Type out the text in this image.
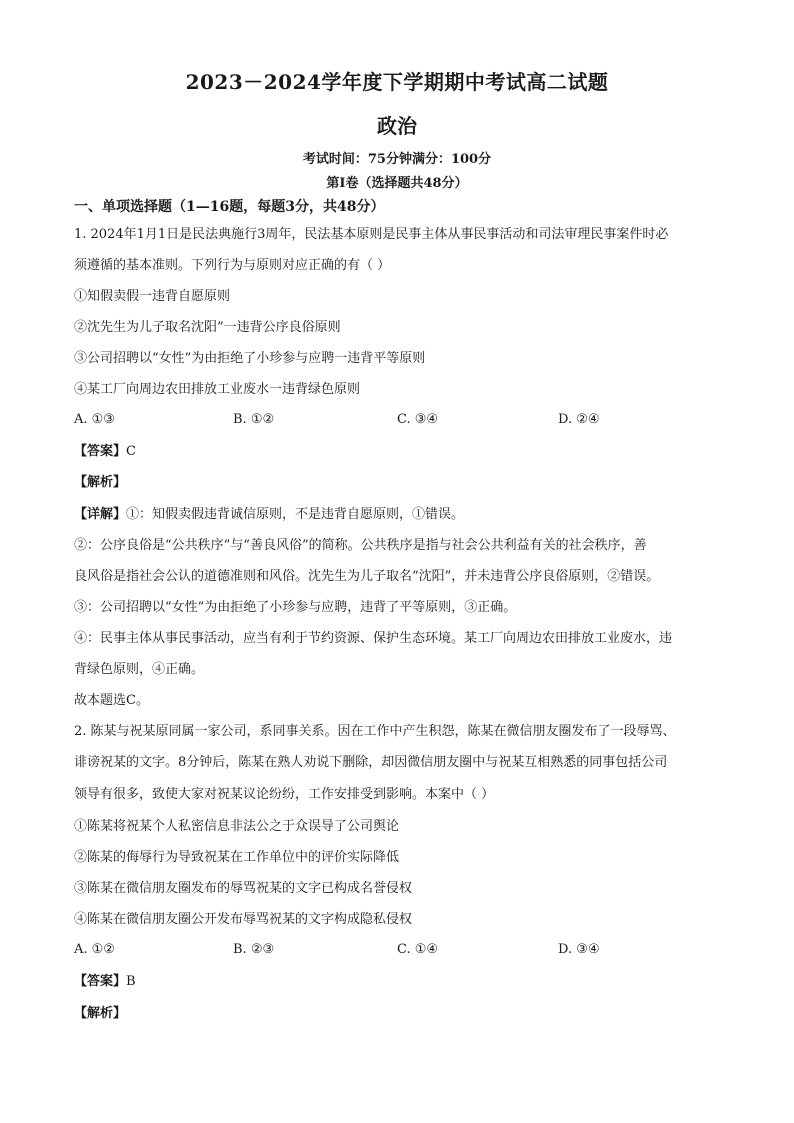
2023－2024学年度下学期期中考试高二试题
政治
考试时间：75分钟满分：100分
第Ⅰ卷（选择题共48分）
一、单项选择题（1—16题，每题3分，共48分）
1. 2024年1月1日是民法典施行3周年，民法基本原则是民事主体从事民事活动和司法审理民事案件时必
须遵循的基本准则。下列行为与原则对应正确的有（ ）
①知假卖假一违背自愿原则
②沈先生为儿子取名沈阳”一违背公序良俗原则
③公司招聘以“女性”为由拒绝了小珍参与应聘一违背平等原则
④某工厂向周边农田排放工业废水一违背绿色原则
A. ①③	B. ①②	C. ③④	D. ②④
【答案】C
【解析】
【详解】①：知假卖假违背诚信原则，不是违背自愿原则，①错误。
②：公序良俗是“公共秩序”与“善良风俗”的简称。公共秩序是指与社会公共利益有关的社会秩序，善
良风俗是指社会公认的道德准则和风俗。沈先生为儿子取名“沈阳”，并未违背公序良俗原则，②错误。
③：公司招聘以“女性”为由拒绝了小珍参与应聘，违背了平等原则，③正确。
④：民事主体从事民事活动，应当有利于节约资源、保护生态环境。某工厂向周边农田排放工业废水，违
背绿色原则，④正确。
故本题选C。
2. 陈某与祝某原同属一家公司，系同事关系。因在工作中产生积怨，陈某在微信朋友圈发布了一段辱骂、
诽谤祝某的文字。8分钟后，陈某在熟人劝说下删除，却因微信朋友圈中与祝某互相熟悉的同事包括公司
领导有很多，致使大家对祝某议论纷纷，工作安排受到影响。本案中（ ）
①陈某将祝某个人私密信息非法公之于众误导了公司舆论
②陈某的侮辱行为导致祝某在工作单位中的评价实际降低
③陈某在微信朋友圈发布的辱骂祝某的文字已构成名誉侵权
④陈某在微信朋友圈公开发布辱骂祝某的文字构成隐私侵权
A. ①②	B. ②③	C. ①④	D. ③④
【答案】B
【解析】
